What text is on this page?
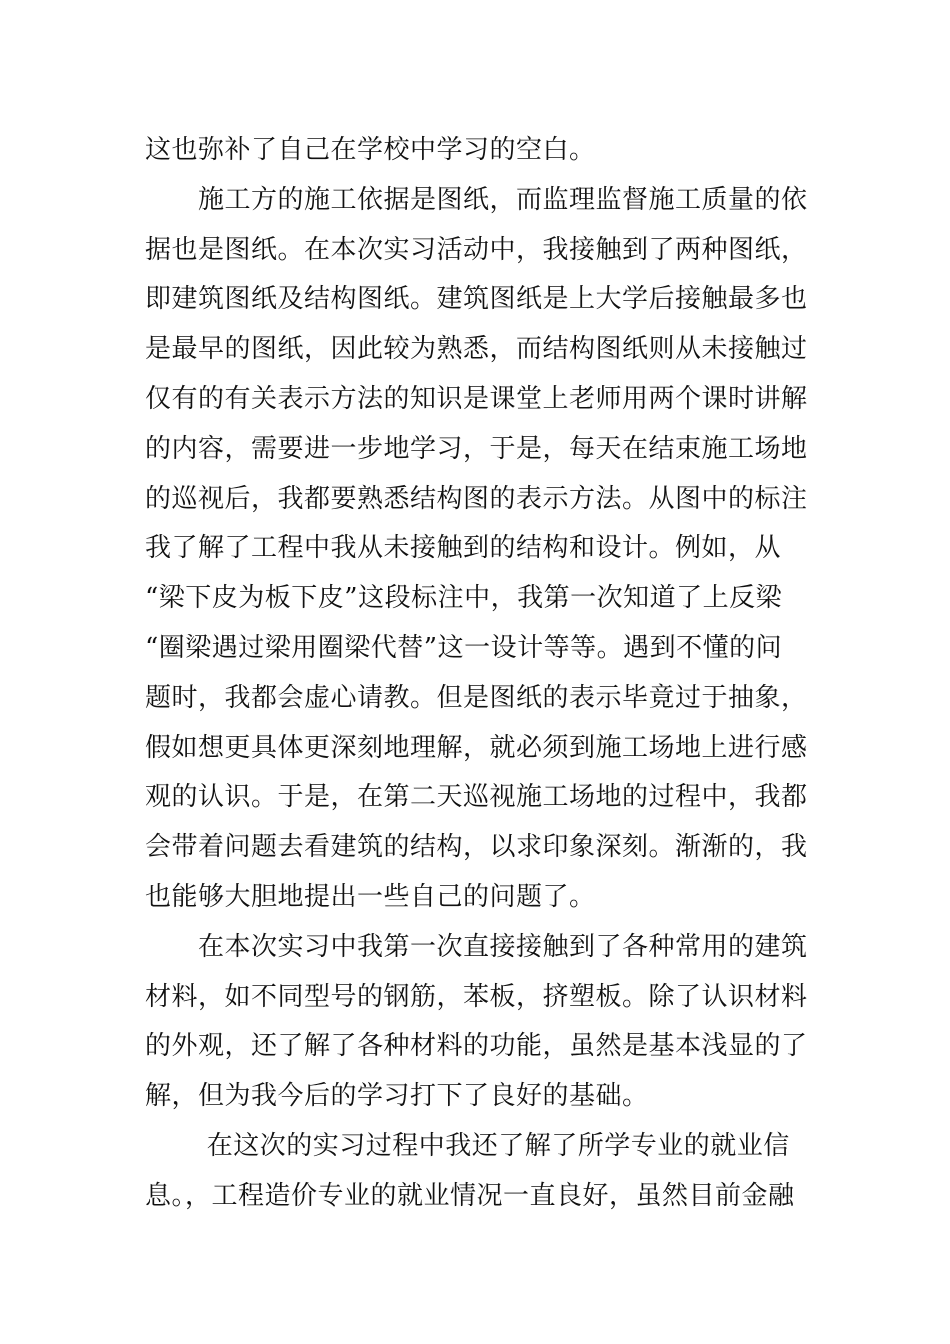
这也弥补了自己在学校中学习的空白。
　　施工方的施工依据是图纸，而监理监督施工质量的依
据也是图纸。在本次实习活动中，我接触到了两种图纸，
即建筑图纸及结构图纸。建筑图纸是上大学后接触最多也
是最早的图纸，因此较为熟悉，而结构图纸则从未接触过
仅有的有关表示方法的知识是课堂上老师用两个课时讲解
的内容，需要进一步地学习，于是，每天在结束施工场地
的巡视后，我都要熟悉结构图的表示方法。从图中的标注
我了解了工程中我从未接触到的结构和设计。例如，从
“梁下皮为板下皮”这段标注中，我第一次知道了上反梁
“圈梁遇过梁用圈梁代替”这一设计等等。遇到不懂的问
题时，我都会虚心请教。但是图纸的表示毕竟过于抽象，
假如想更具体更深刻地理解，就必须到施工场地上进行感
观的认识。于是，在第二天巡视施工场地的过程中，我都
会带着问题去看建筑的结构，以求印象深刻。渐渐的，我
也能够大胆地提出一些自己的问题了。
　　在本次实习中我第一次直接接触到了各种常用的建筑
材料，如不同型号的钢筋，苯板，挤塑板。除了认识材料
的外观，还了解了各种材料的功能，虽然是基本浅显的了
解，但为我今后的学习打下了良好的基础。
　　 在这次的实习过程中我还了解了所学专业的就业信
息。，工程造价专业的就业情况一直良好，虽然目前金融
